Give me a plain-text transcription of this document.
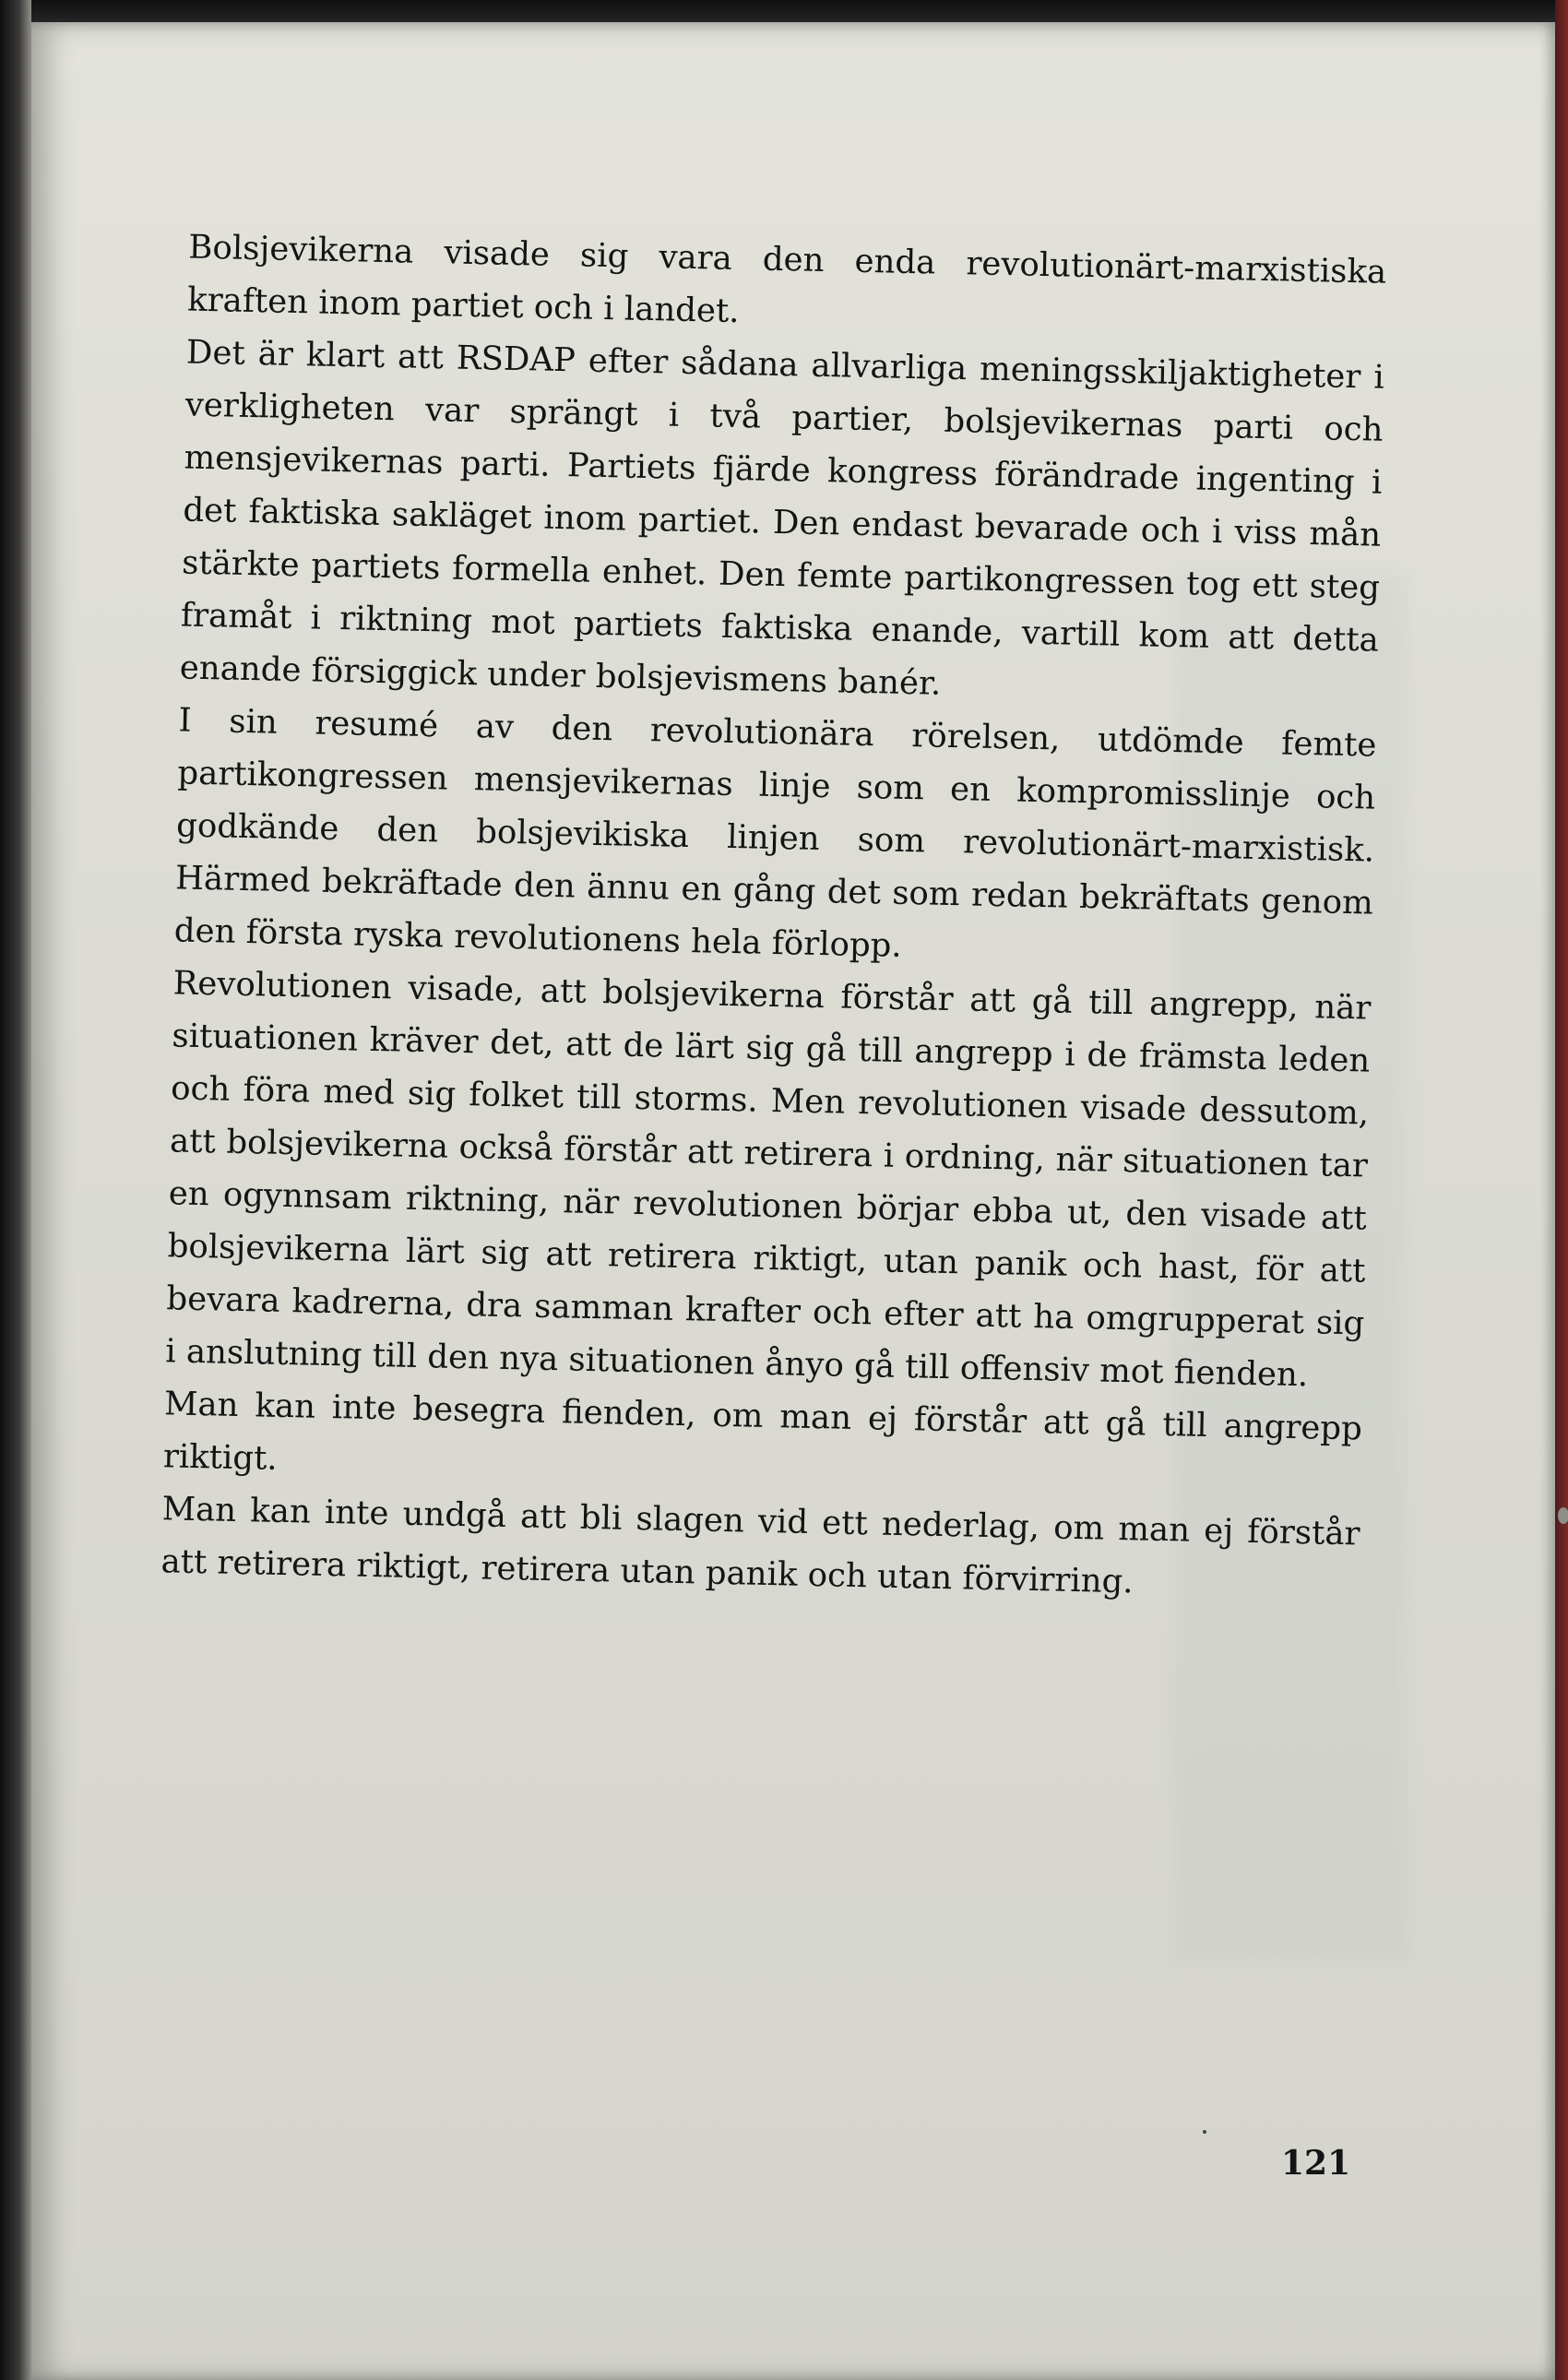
Bolsjevikerna visade sig vara den enda revolutionärt-marxistiska kraften inom partiet och i landet.

Det är klart att RSDAP efter sådana allvarliga meningsskiljaktigheter i verkligheten var sprängt i två partier, bolsjevikernas parti och mensjevikernas parti. Partiets fjärde kongress förändrade ingenting i det faktiska sakläget inom partiet. Den endast bevarade och i viss mån stärkte partiets formella enhet. Den femte partikongressen tog ett steg framåt i riktning mot partiets faktiska enande, vartill kom att detta enande försiggick under bolsjevismens banér.

I sin resumé av den revolutionära rörelsen, utdömde femte partikongressen mensjevikernas linje som en kompromisslinje och godkände den bolsjevikiska linjen som revolutionärt-marxistisk. Härmed bekräftade den ännu en gång det som redan bekräftats genom den första ryska revolutionens hela förlopp.

Revolutionen visade, att bolsjevikerna förstår att gå till angrepp, när situationen kräver det, att de lärt sig gå till angrepp i de främsta leden och föra med sig folket till storms. Men revolutionen visade dessutom, att bolsjevikerna också förstår att retirera i ordning, när situationen tar en ogynnsam riktning, när revolutionen börjar ebba ut, den visade att bolsjevikerna lärt sig att retirera riktigt, utan panik och hast, för att bevara kadrerna, dra samman krafter och efter att ha omgrupperat sig i anslutning till den nya situationen ånyo gå till offensiv mot fienden.

Man kan inte besegra fienden, om man ej förstår att gå till angrepp riktigt.

Man kan inte undgå att bli slagen vid ett nederlag, om man ej förstår att retirera riktigt, retirera utan panik och utan förvirring.

121
